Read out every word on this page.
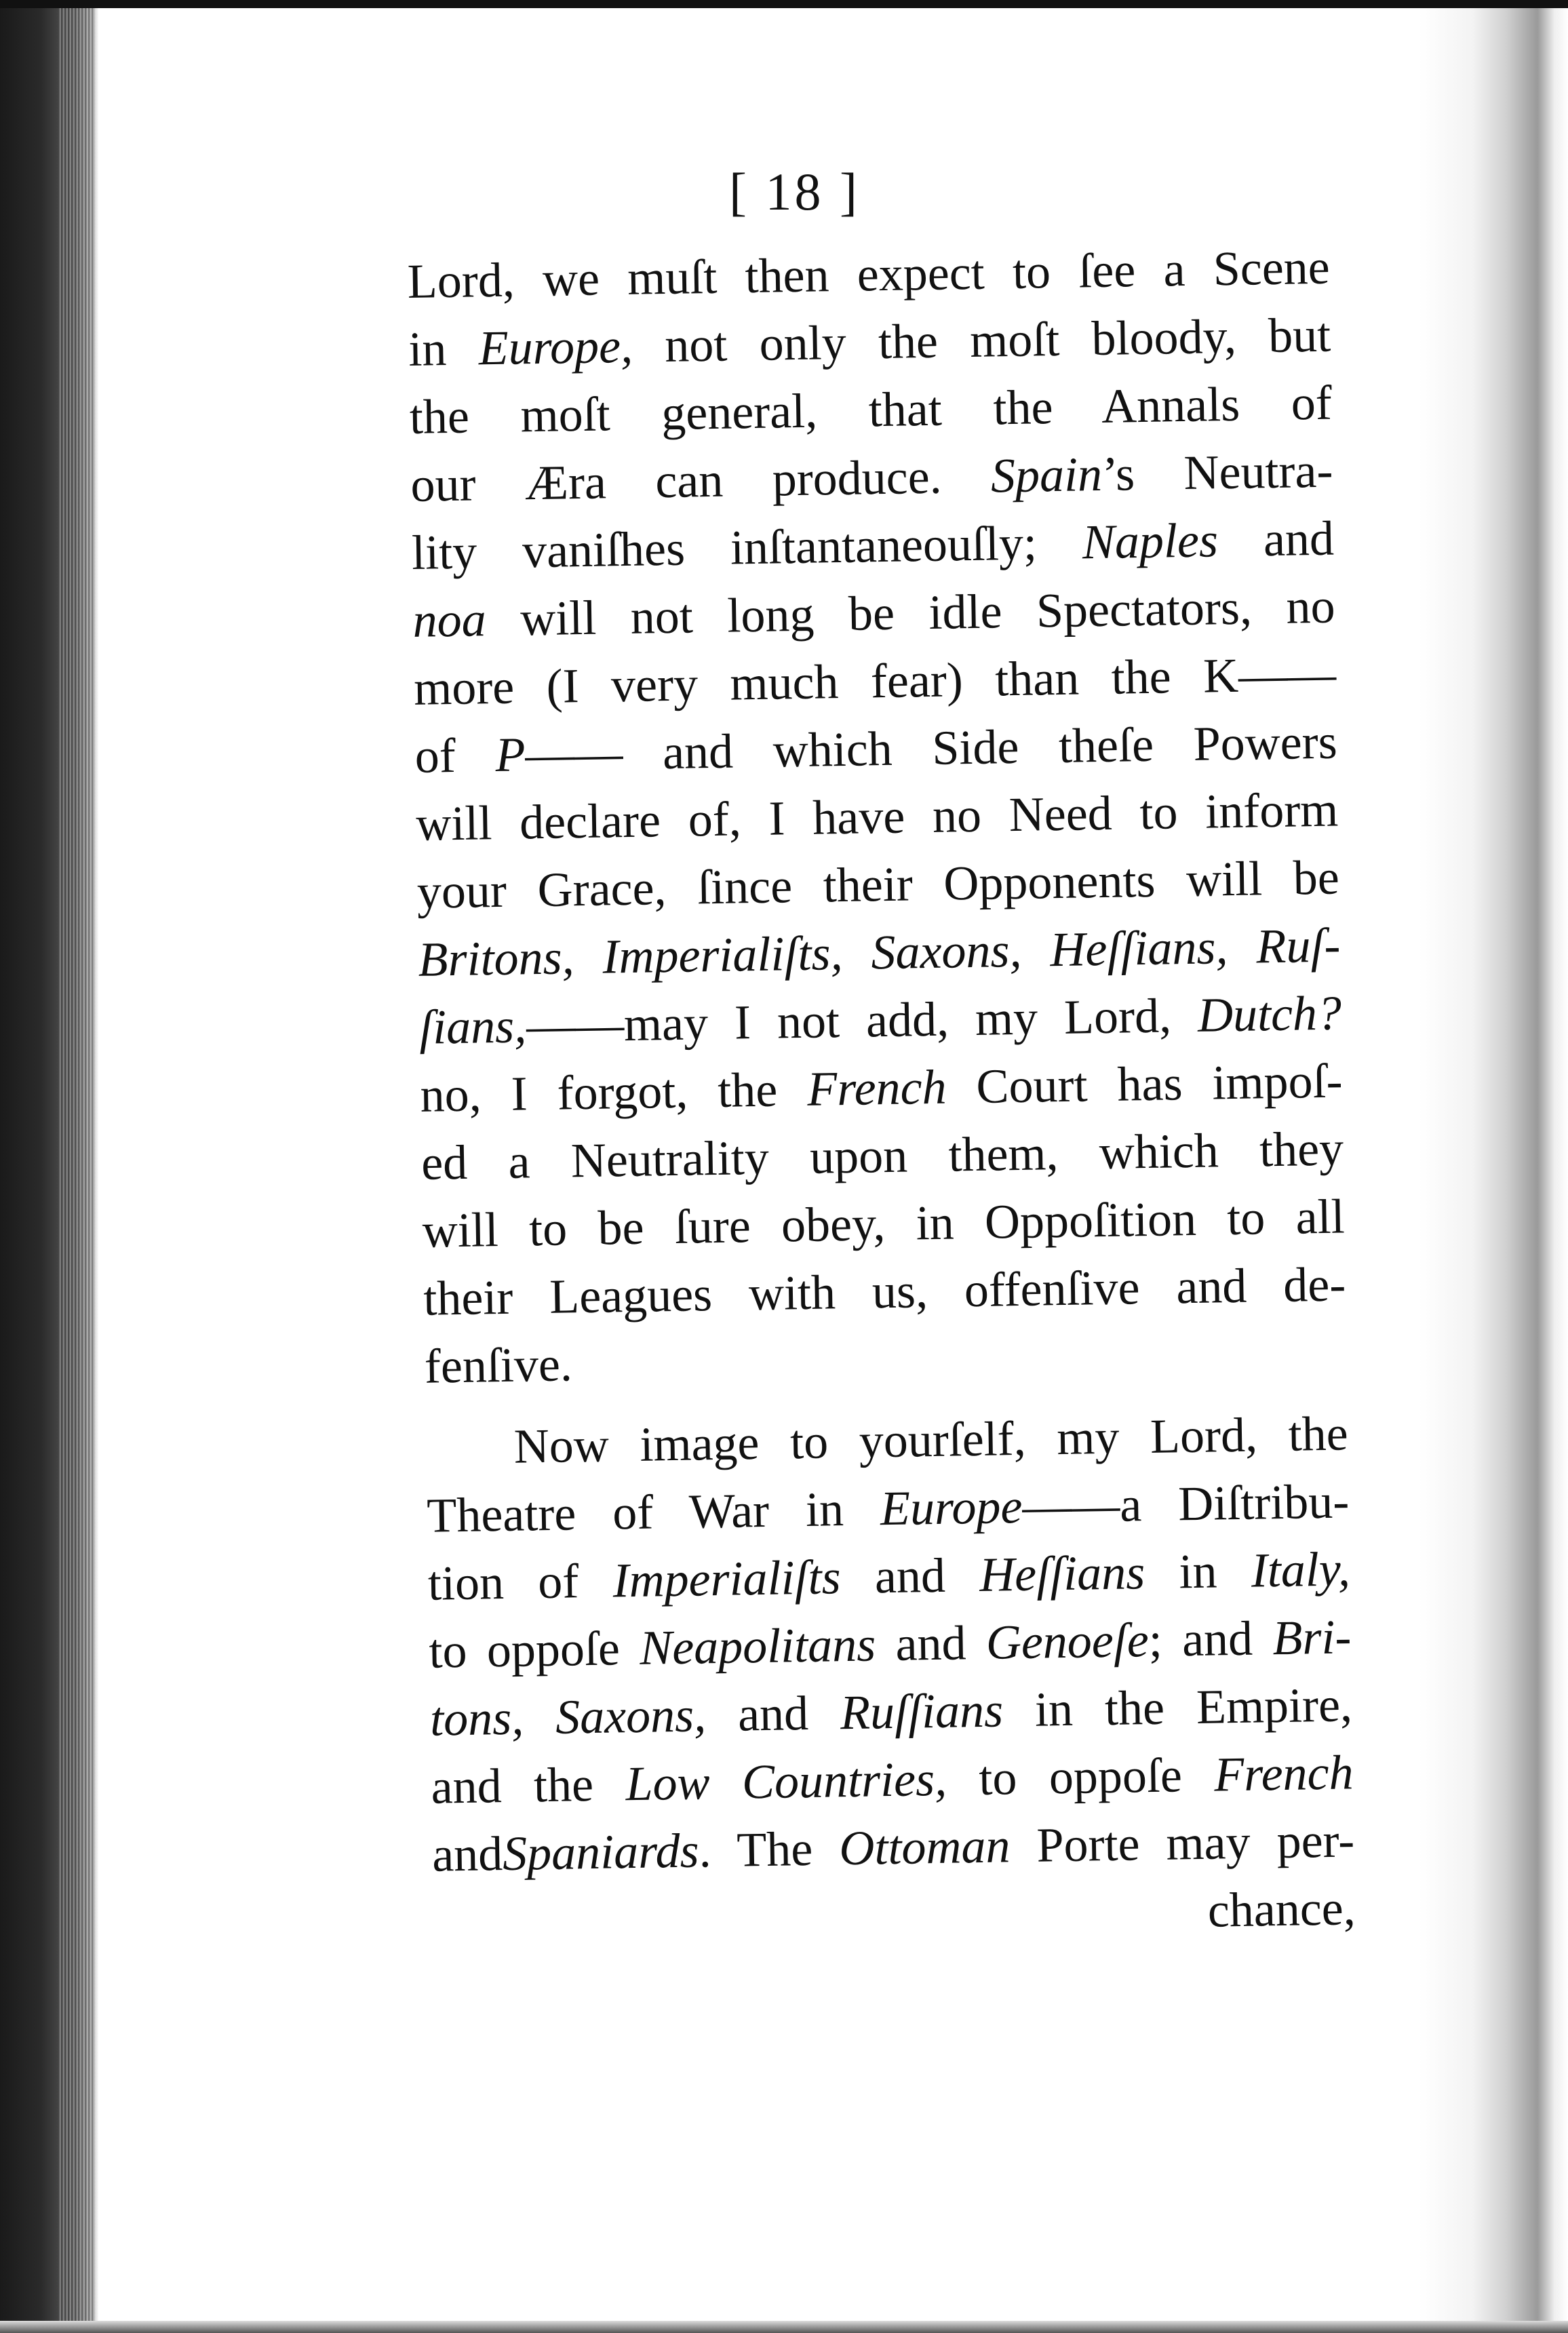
[ 18 ]
Lord, we muſt then expect to ſee a Scene
in Europe, not only the moſt bloody, but
the moſt general, that the Annals of
our Æra can produce. Spain’s Neutra-
lity vaniſhes inſtantaneouſly; Naples and
noa will not long be idle Spectators, no
more (I very much fear) than the K——
of P—— and which Side theſe Powers
will declare of, I have no Need to inform
your Grace, ſince their Opponents will be
Britons, Imperialiſts, Saxons, Heſſians, Ruſ-
ſians,——may I not add, my Lord, Dutch?
no, I forgot, the French Court has impoſ-
ed a Neutrality upon them, which they
will to be ſure obey, in Oppoſition to all
their Leagues with us, offenſive and de-
fenſive.
Now image to yourſelf, my Lord, the
Theatre of War in Europe——a Diſtribu-
tion of Imperialiſts and Heſſians in Italy,
to oppoſe Neapolitans and Genoeſe; and Bri-
tons, Saxons, and Ruſſians in the Empire,
and the Low Countries, to oppoſe French
andSpaniards. The Ottoman Porte may per-
chance,
